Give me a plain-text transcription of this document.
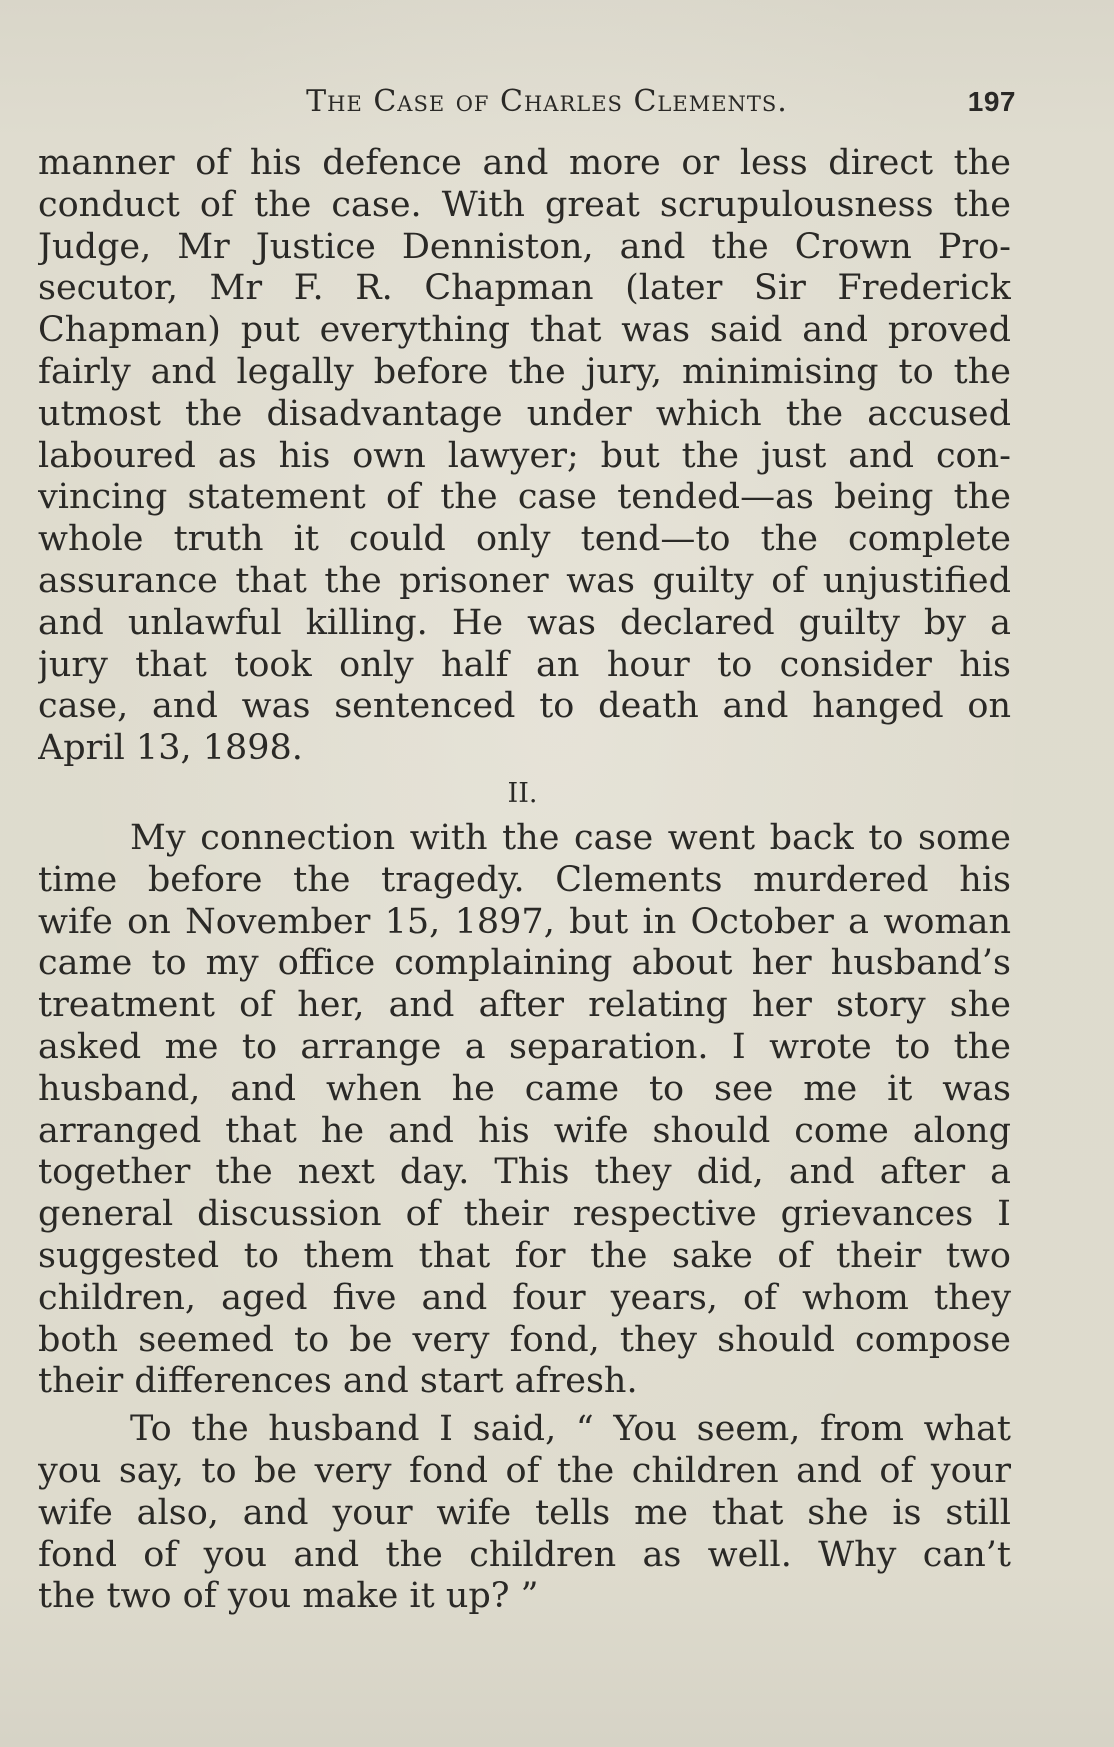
The Case of Charles Clements.	197
manner of his defence and more or less direct the
conduct of the case. With great scrupulousness the
Judge, Mr Justice Denniston, and the Crown Pro-
secutor, Mr F. R. Chapman (later Sir Frederick
Chapman) put everything that was said and proved
fairly and legally before the jury, minimising to the
utmost the disadvantage under which the accused
laboured as his own lawyer; but the just and con-
vincing statement of the case tended—as being the
whole truth it could only tend—to the complete
assurance that the prisoner was guilty of unjustified
and unlawful killing. He was declared guilty by a
jury that took only half an hour to consider his
case, and was sentenced to death and hanged on
April 13, 1898.
II.
My connection with the case went back to some
time before the tragedy. Clements murdered his
wife on November 15, 1897, but in October a woman
came to my office complaining about her husband’s
treatment of her, and after relating her story she
asked me to arrange a separation. I wrote to the
husband, and when he came to see me it was
arranged that he and his wife should come along
together the next day. This they did, and after a
general discussion of their respective grievances I
suggested to them that for the sake of their two
children, aged five and four years, of whom they
both seemed to be very fond, they should compose
their differences and start afresh.
To the husband I said, “ You seem, from what
you say, to be very fond of the children and of your
wife also, and your wife tells me that she is still
fond of you and the children as well. Why can’t
the two of you make it up? ”
